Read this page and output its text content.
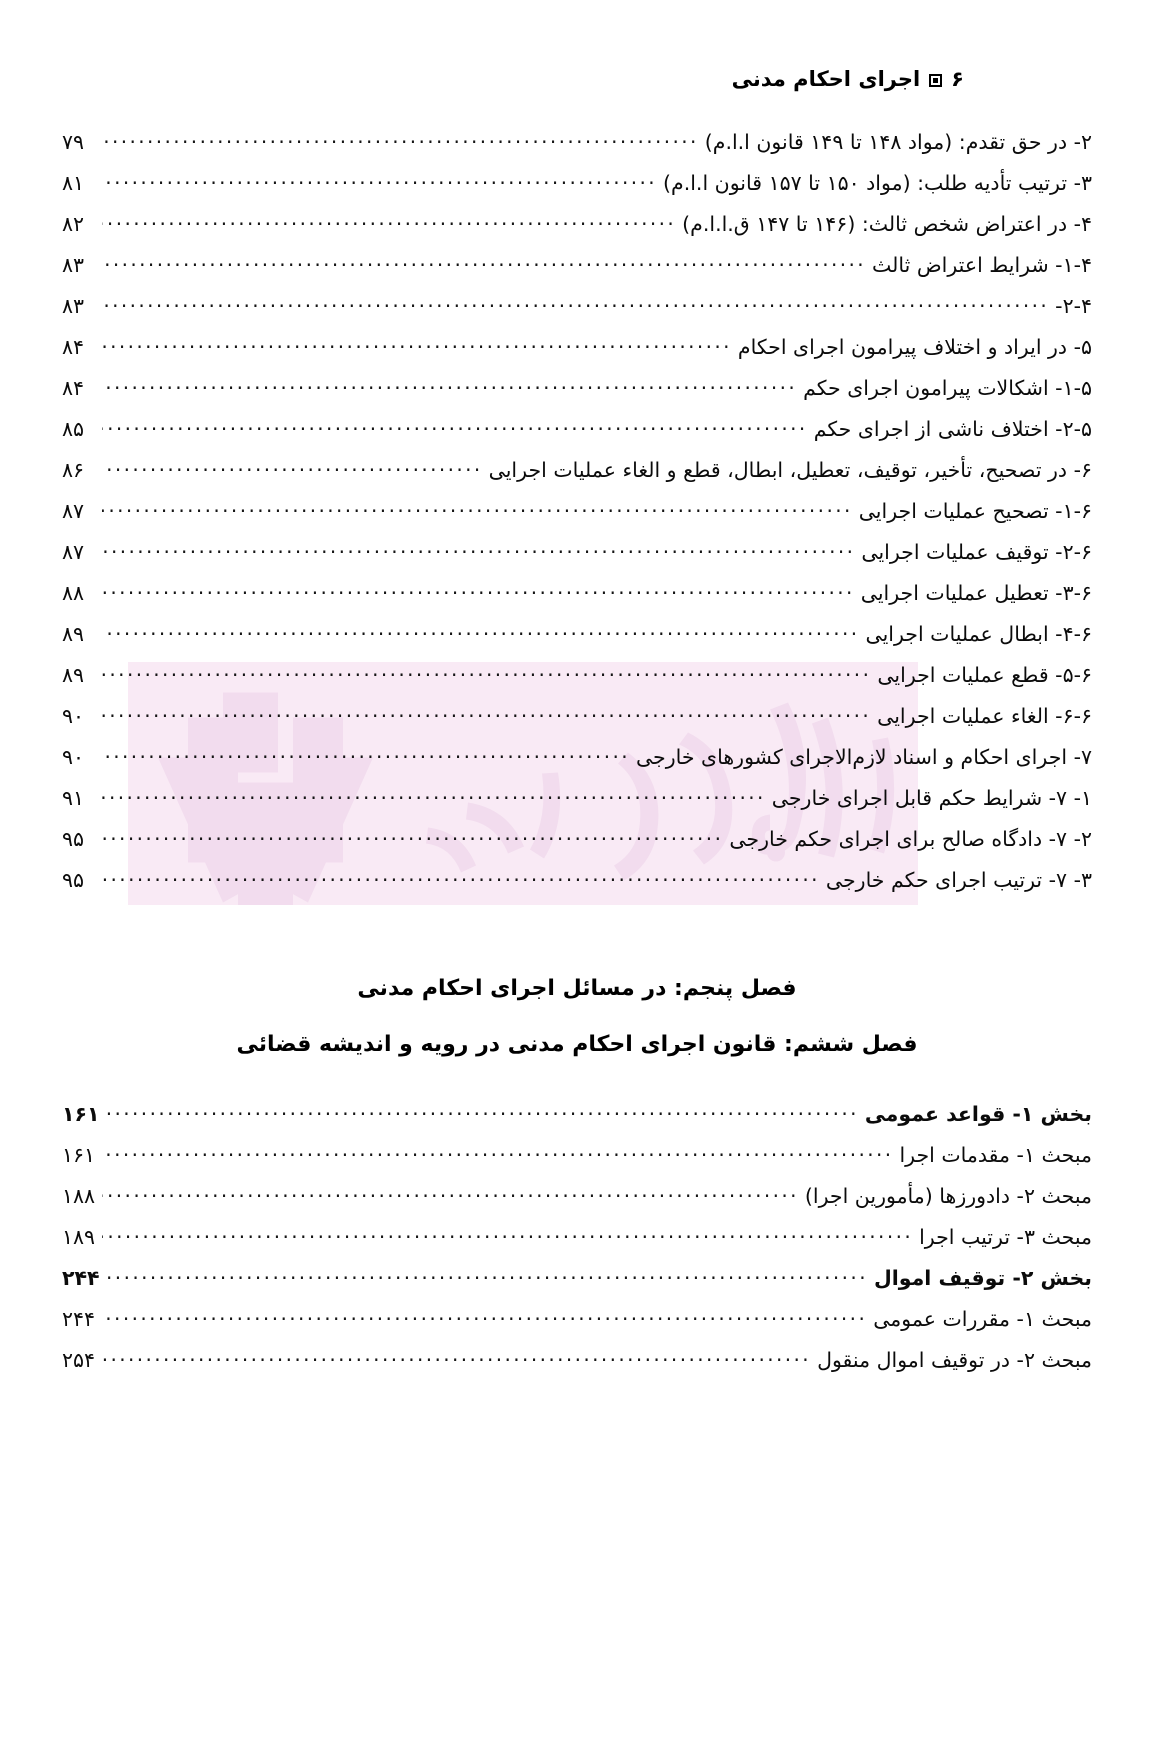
۶
اجرای احکام مدنی
۲- در حق تقدم: (مواد ۱۴۸ تا ۱۴۹ قانون ا.ا.م)
.....
۷۹
۳- ترتیب تأدیه طلب: (مواد ۱۵۰ تا ۱۵۷ قانون ا.ا.م)
.....
۸۱
۴- در اعتراض شخص ثالث: (۱۴۶ تا ۱۴۷ ق.ا.ا.م)
.....
۸۲
۱-۴- شرایط اعتراض ثالث
.....
۸۳
۲-۴-
.....
۸۳
۵- در ایراد و اختلاف پیرامون اجرای احکام
.....
۸۴
۱-۵- اشکالات پیرامون اجرای حکم
.....
۸۴
۲-۵- اختلاف ناشی از اجرای حکم
.....
۸۵
۶- در تصحیح، تأخیر، توقیف، تعطیل، ابطال، قطع و الغاء عملیات اجرایی
.....
۸۶
۱-۶- تصحیح عملیات اجرایی
.....
۸۷
۲-۶- توقیف عملیات اجرایی
.....
۸۷
۳-۶- تعطیل عملیات اجرایی
.....
۸۸
۴-۶- ابطال عملیات اجرایی
.....
۸۹
۵-۶- قطع عملیات اجرایی
.....
۸۹
۶-۶- الغاء عملیات اجرایی
.....
۹۰
۷- اجرای احکام و اسناد لازم‌الاجرای کشورهای خارجی
.....
۹۰
۱- ۷- شرایط حکم قابل اجرای خارجی
.....
۹۱
۲- ۷- دادگاه صالح برای اجرای حکم خارجی
.....
۹۵
۳- ۷- ترتیب اجرای حکم خارجی
.....
۹۵
فصل پنجم: در مسائل اجرای احکام مدنی
فصل ششم: قانون اجرای احکام مدنی در رویه و اندیشه قضائی
بخش ۱- قواعد عمومی
.....
۱۶۱
مبحث ۱- مقدمات اجرا
.....
۱۶۱
مبحث ۲- دادورزها (مأمورین اجرا)
.....
۱۸۸
مبحث ۳- ترتیب اجرا
.....
۱۸۹
بخش ۲- توقیف اموال
.....
۲۴۴
مبحث ۱- مقررات عمومی
.....
۲۴۴
مبحث ۲- در توقیف اموال منقول
.....
۲۵۴
